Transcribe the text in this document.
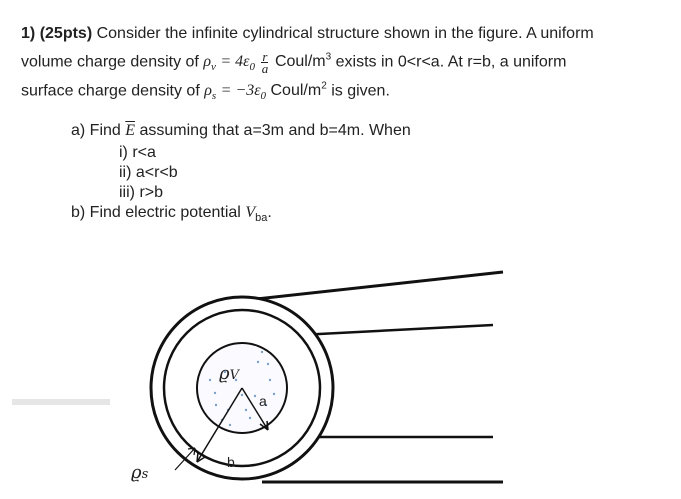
1) (25pts) Consider the infinite cylindrical structure shown in the figure. A uniform
volume charge density of $\rho_v = 4\varepsilon_0 \frac{r}{a}$ Coul/$m^3$ exists in 0<r<a. At r=b, a uniform
surface charge density of $\rho_s = -3\varepsilon_0$ Coul/$m^2$ is given.
a) Find $\overline{E}$ assuming that a=3m and b=4m. When
i) r<a
ii) a<r<b
iii) r>b
b) Find electric potential $V_{ba}$.
a
b
ϱV
ϱs
